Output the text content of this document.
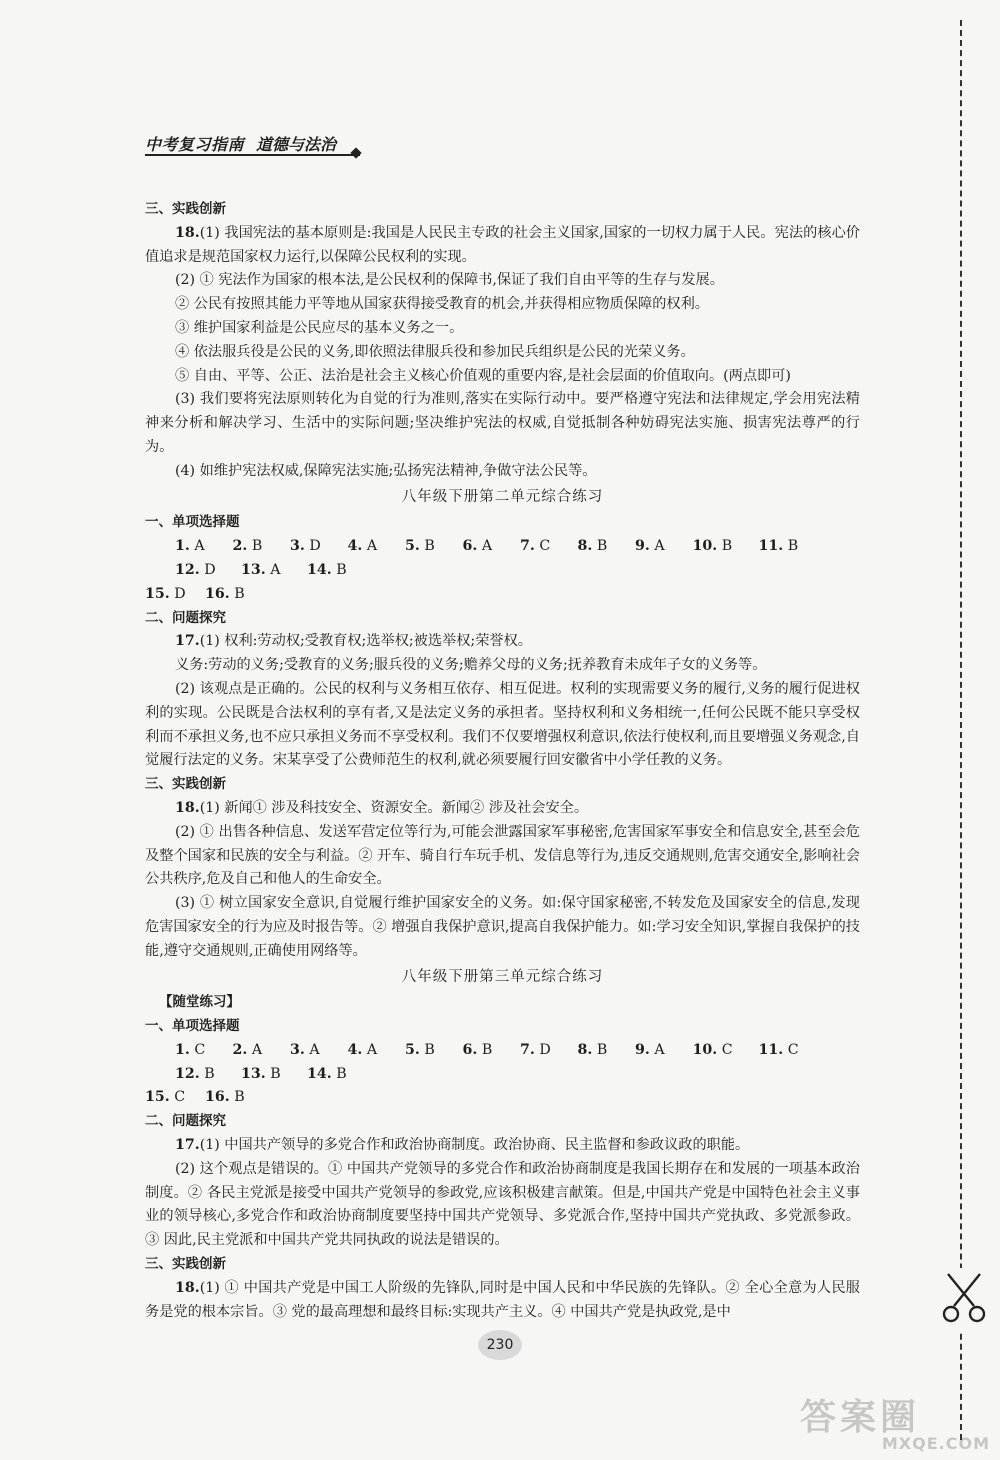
中考复习指南 道德与法治

三、实践创新

18.(1) 我国宪法的基本原则是:我国是人民民主专政的社会主义国家,国家的一切权力属于人民。宪法的核心价值追求是规范国家权力运行,以保障公民权利的实现。

(2) ① 宪法作为国家的根本法,是公民权利的保障书,保证了我们自由平等的生存与发展。

② 公民有按照其能力平等地从国家获得接受教育的机会,并获得相应物质保障的权利。

③ 维护国家利益是公民应尽的基本义务之一。

④ 依法服兵役是公民的义务,即依照法律服兵役和参加民兵组织是公民的光荣义务。

⑤ 自由、平等、公正、法治是社会主义核心价值观的重要内容,是社会层面的价值取向。(两点即可)

(3) 我们要将宪法原则转化为自觉的行为准则,落实在实际行动中。要严格遵守宪法和法律规定,学会用宪法精神来分析和解决学习、生活中的实际问题;坚决维护宪法的权威,自觉抵制各种妨碍宪法实施、损害宪法尊严的行为。

(4) 如维护宪法权威,保障宪法实施;弘扬宪法精神,争做守法公民等。

八年级下册第二单元综合练习

一、单项选择题

1. A	2. B	3. D	4. A	5. B	6. A	7. C	8. B	9. A	10. B	11. B
12. D	13. A	14. B
15. D	16. B

二、问题探究

17.(1) 权利:劳动权;受教育权;选举权;被选举权;荣誉权。

义务:劳动的义务;受教育的义务;服兵役的义务;赡养父母的义务;抚养教育未成年子女的义务等。

(2) 该观点是正确的。公民的权利与义务相互依存、相互促进。权利的实现需要义务的履行,义务的履行促进权利的实现。公民既是合法权利的享有者,又是法定义务的承担者。坚持权利和义务相统一,任何公民既不能只享受权利而不承担义务,也不应只承担义务而不享受权利。我们不仅要增强权利意识,依法行使权利,而且要增强义务观念,自觉履行法定的义务。宋某享受了公费师范生的权利,就必须要履行回安徽省中小学任教的义务。

三、实践创新

18.(1) 新闻① 涉及科技安全、资源安全。新闻② 涉及社会安全。

(2) ① 出售各种信息、发送军营定位等行为,可能会泄露国家军事秘密,危害国家军事安全和信息安全,甚至会危及整个国家和民族的安全与利益。② 开车、骑自行车玩手机、发信息等行为,违反交通规则,危害交通安全,影响社会公共秩序,危及自己和他人的生命安全。

(3) ① 树立国家安全意识,自觉履行维护国家安全的义务。如:保守国家秘密,不转发危及国家安全的信息,发现危害国家安全的行为应及时报告等。② 增强自我保护意识,提高自我保护能力。如:学习安全知识,掌握自我保护的技能,遵守交通规则,正确使用网络等。

八年级下册第三单元综合练习

【随堂练习】

一、单项选择题

1. C	2. A	3. A	4. A	5. B	6. B	7. D	8. B	9. A	10. C	11. C
12. B	13. B	14. B
15. C	16. B

二、问题探究

17.(1) 中国共产领导的多党合作和政治协商制度。政治协商、民主监督和参政议政的职能。

(2) 这个观点是错误的。① 中国共产党领导的多党合作和政治协商制度是我国长期存在和发展的一项基本政治制度。② 各民主党派是接受中国共产党领导的参政党,应该积极建言献策。但是,中国共产党是中国特色社会主义事业的领导核心,多党合作和政治协商制度要坚持中国共产党领导、多党派合作,坚持中国共产党执政、多党派参政。③ 因此,民主党派和中国共产党共同执政的说法是错误的。

三、实践创新

18.(1) ① 中国共产党是中国工人阶级的先锋队,同时是中国人民和中华民族的先锋队。② 全心全意为人民服务是党的根本宗旨。③ 党的最高理想和最终目标:实现共产主义。④ 中国共产党是执政党,是中

230
答案圈
MXQE.COM
